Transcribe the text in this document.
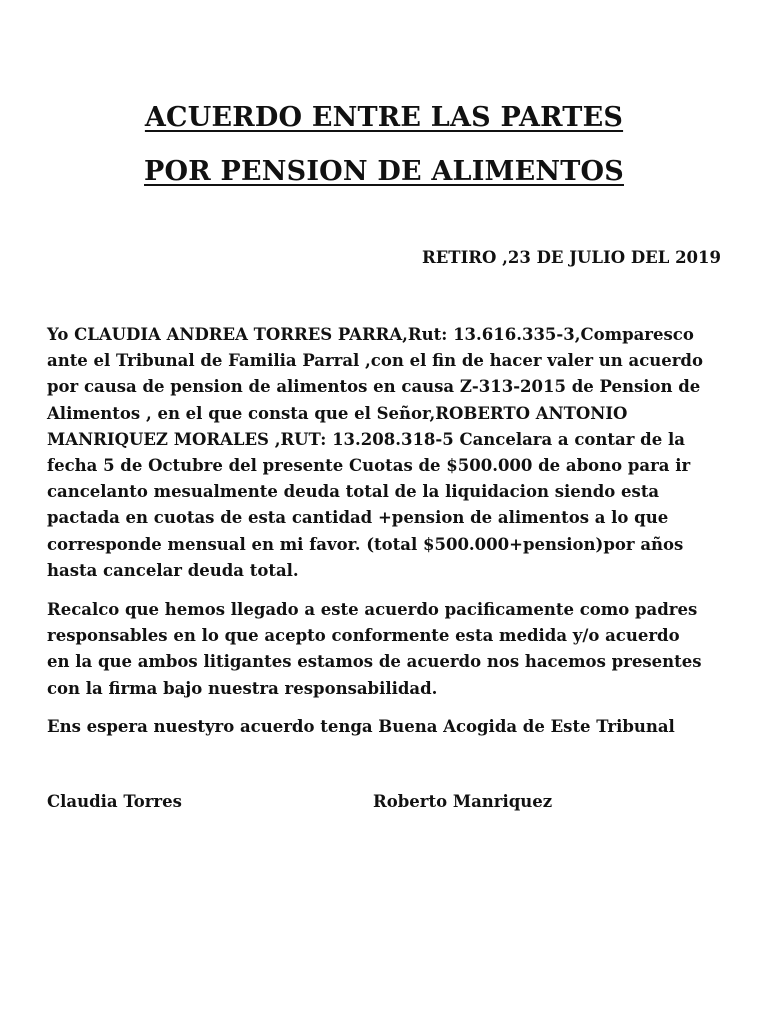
ACUERDO ENTRE LAS PARTES
POR PENSION DE ALIMENTOS
RETIRO ,23 DE JULIO DEL 2019

Yo CLAUDIA ANDREA TORRES PARRA,Rut: 13.616.335-3,Comparesco
ante el Tribunal de Familia Parral ,con el fin de hacer valer un acuerdo
por causa de pension de alimentos en causa Z-313-2015 de Pension de
Alimentos , en el que consta que el Señor,ROBERTO ANTONIO
MANRIQUEZ MORALES ,RUT: 13.208.318-5 Cancelara a contar de la
fecha 5 de Octubre del presente Cuotas de $500.000 de abono para ir
cancelanto mesualmente deuda total de la liquidacion siendo esta
pactada en cuotas de esta cantidad +pension de alimentos a lo que
corresponde mensual en mi favor. (total $500.000+pension)por años
hasta cancelar deuda total.

Recalco que hemos llegado a este acuerdo pacificamente como padres
responsables en lo que acepto conformente esta medida y/o acuerdo
en la que ambos litigantes estamos de acuerdo nos hacemos presentes
con la firma bajo nuestra responsabilidad.

Ens espera nuestyro acuerdo tenga Buena Acogida de Este Tribunal

Claudia Torres	Roberto Manriquez
